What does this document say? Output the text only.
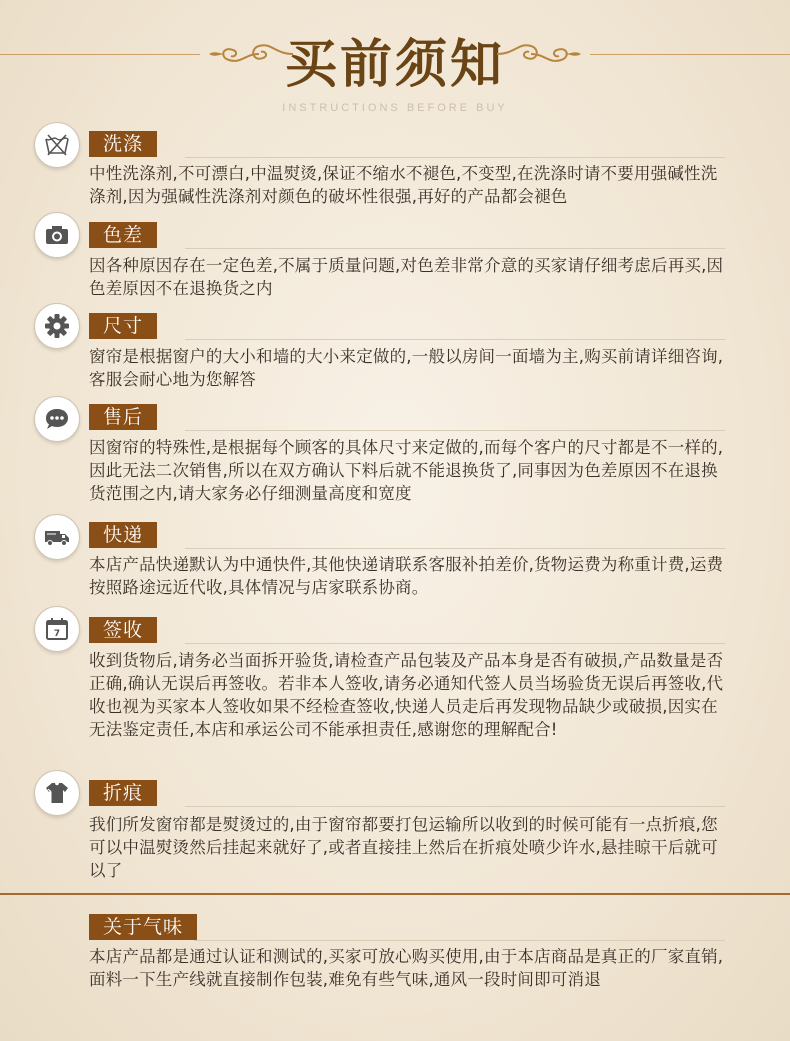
买前须知
INSTRUCTIONS BEFORE BUY
洗涤
中性洗涤剂,不可漂白,中温熨烫,保证不缩水不褪色,不变型,在洗涤时请不要用强碱性洗涤剂,因为强碱性洗涤剂对颜色的破坏性很强,再好的产品都会褪色
色差
因各种原因存在一定色差,不属于质量问题,对色差非常介意的买家请仔细考虑后再买,因色差原因不在退换货之内
尺寸
窗帘是根据窗户的大小和墙的大小来定做的,一般以房间一面墙为主,购买前请详细咨询,客服会耐心地为您解答
售后
因窗帘的特殊性,是根据每个顾客的具体尺寸来定做的,而每个客户的尺寸都是不一样的,因此无法二次销售,所以在双方确认下料后就不能退换货了,同事因为色差原因不在退换货范围之内,请大家务必仔细测量高度和宽度
快递
本店产品快递默认为中通快件,其他快递请联系客服补拍差价,货物运费为称重计费,运费按照路途远近代收,具体情况与店家联系协商。
7	签收
收到货物后,请务必当面拆开验货,请检查产品包装及产品本身是否有破损,产品数量是否正确,确认无误后再签收。若非本人签收,请务必通知代签人员当场验货无误后再签收,代收也视为买家本人签收如果不经检查签收,快递人员走后再发现物品缺少或破损,因实在无法鉴定责任,本店和承运公司不能承担责任,感谢您的理解配合!
折痕
我们所发窗帘都是熨烫过的,由于窗帘都要打包运输所以收到的时候可能有一点折痕,您可以中温熨烫然后挂起来就好了,或者直接挂上然后在折痕处喷少许水,悬挂晾干后就可以了
关于气味
本店产品都是通过认证和测试的,买家可放心购买使用,由于本店商品是真正的厂家直销,面料一下生产线就直接制作包装,难免有些气味,通风一段时间即可消退
